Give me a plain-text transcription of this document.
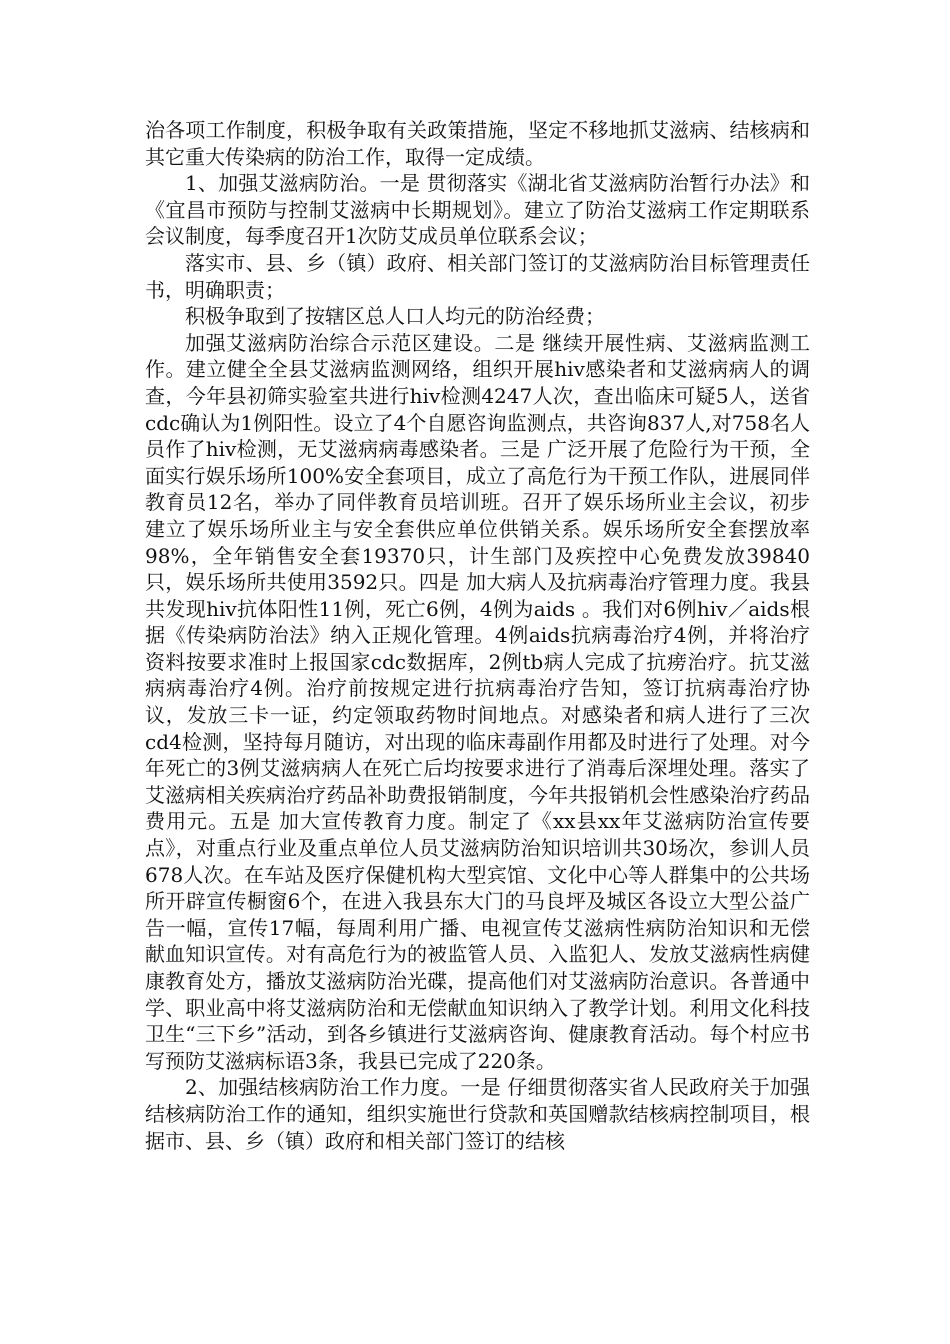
治各项工作制度，积极争取有关政策措施，坚定不移地抓艾滋病、结核病和其它重大传染病的防治工作，取得一定成绩。

1、加强艾滋病防治。一是 贯彻落实《湖北省艾滋病防治暂行办法》和《宜昌市预防与控制艾滋病中长期规划》。建立了防治艾滋病工作定期联系会议制度，每季度召开1次防艾成员单位联系会议；

落实市、县、乡（镇）政府、相关部门签订的艾滋病防治目标管理责任书，明确职责；

积极争取到了按辖区总人口人均元的防治经费；

加强艾滋病防治综合示范区建设。二是 继续开展性病、艾滋病监测工作。建立健全全县艾滋病监测网络，组织开展hiv感染者和艾滋病病人的调查，今年县初筛实验室共进行hiv检测4247人次，查出临床可疑5人，送省cdc确认为1例阳性。设立了4个自愿咨询监测点，共咨询837人,对758名人员作了hiv检测，无艾滋病病毒感染者。三是 广泛开展了危险行为干预，全面实行娱乐场所100%安全套项目，成立了高危行为干预工作队，进展同伴教育员12名，举办了同伴教育员培训班。召开了娱乐场所业主会议，初步建立了娱乐场所业主与安全套供应单位供销关系。娱乐场所安全套摆放率98%，全年销售安全套19370只，计生部门及疾控中心免费发放39840只，娱乐场所共使用3592只。四是 加大病人及抗病毒治疗管理力度。我县共发现hiv抗体阳性11例，死亡6例，4例为aids 。我们对6例hiv／aids根据《传染病防治法》纳入正规化管理。4例aids抗病毒治疗4例，并将治疗资料按要求准时上报国家cdc数据库，2例tb病人完成了抗痨治疗。抗艾滋病病毒治疗4例。治疗前按规定进行抗病毒治疗告知，签订抗病毒治疗协议，发放三卡一证，约定领取药物时间地点。对感染者和病人进行了三次cd4检测，坚持每月随访，对出现的临床毒副作用都及时进行了处理。对今年死亡的3例艾滋病病人在死亡后均按要求进行了消毒后深埋处理。落实了艾滋病相关疾病治疗药品补助费报销制度，今年共报销机会性感染治疗药品费用元。五是 加大宣传教育力度。制定了《xx县xx年艾滋病防治宣传要点》，对重点行业及重点单位人员艾滋病防治知识培训共30场次，参训人员678人次。在车站及医疗保健机构大型宾馆、文化中心等人群集中的公共场所开辟宣传橱窗6个，在进入我县东大门的马良坪及城区各设立大型公益广告一幅，宣传17幅，每周利用广播、电视宣传艾滋病性病防治知识和无偿献血知识宣传。对有高危行为的被监管人员、入监犯人、发放艾滋病性病健康教育处方，播放艾滋病防治光碟，提高他们对艾滋病防治意识。各普通中学、职业高中将艾滋病防治和无偿献血知识纳入了教学计划。利用文化科技卫生“三下乡”活动，到各乡镇进行艾滋病咨询、健康教育活动。每个村应书写预防艾滋病标语3条，我县已完成了220条。

2、加强结核病防治工作力度。一是 仔细贯彻落实省人民政府关于加强结核病防治工作的通知，组织实施世行贷款和英国赠款结核病控制项目，根据市、县、乡（镇）政府和相关部门签订的结核
